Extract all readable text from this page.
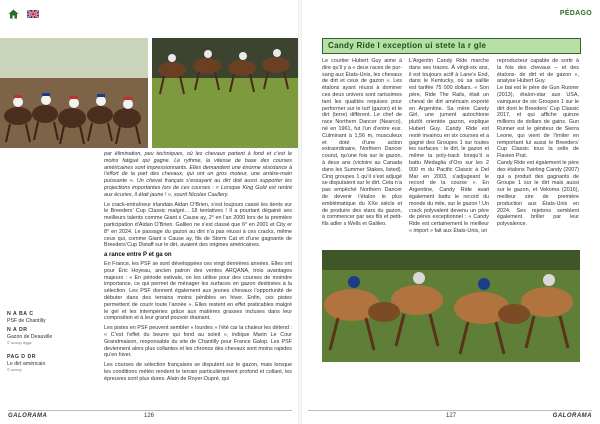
PÉDAGO
N A BA C
PSF de Chantilly
N A DR
Gazon de Deauville
© scoop dyga
PAG D DR
Le dirt américain
© scoop

par élimination, peu techniques, où les chevaux partent à fond et c’est le moins fatigué qui gagne. Le rythme, la vitesse de base des courses américaines sont impressionnants. Elles demandent une énorme résistance à l’effort de la part des chevaux, qui ont un gros moteur, une arrière-main puissante ». Un cheval français s’essayant au dirt doit aussi supporter les projections importantes lors de ces courses : « Lorsque King Gold est rentré aux écuries, il était jaune ! », sourit Nicolas Caullery.

Le crack-entraîneur irlandais Aidan O’Brien, s’est toujours cassé les dents sur le Breeders’ Cup Classic malgré... 18 tentatives ! Il a pourtant dégainé ses meilleurs talents comme Giant s Cause ay, 2° en l’an 2000 lors de la première participation d’Aidan O’Brien. Galileo ne s’est classé que 6° en 2001 et City er 8° en 2024. Le passage du gazon au dirt n’a pas réussi à ces cracks, même ceux qui, comme Giant s Cause ay, fils de Storm Cat et d’une gagnante de Breeders’Cup Distaff sur le dirt, avaient des origines américaines.

a rance entre P et ga on

En France, les PSF se sont développées ces vingt dernières années. Elles ont pour Éric Hoyeau, ancien patron des ventes ARQANA, trois avantages majeurs : « En période estivale, on les utilise pour des courses de moindre importance, ce qui permet de ménager les surfaces en gazon destinées à la sélection. Les PSF donnent également aux jeunes chevaux l’opportunité de débuter dans des terrains moins pénibles en hiver. Enfin, ces pistes permettent de courir toute l’année ». Elles restent en effet praticables malgré le gel et les intempéries grâce aux matières grasses incluses dans leur composition et à leur grand pouvoir drainant.

Les pistes en PSF peuvent sembler « lourdes » l’été car la chaleur les détend : « C’est l’effet du beurre qui fond au soleil », indique Marin Le Cour Grandmaison, responsable du site de Chantilly pour France Galop. Les PSF deviennent alors plus collantes et les chronos des chevaux sont moins rapides qu’en hiver.

Les courses de sélection françaises se disputent sur le gazon, mais lorsque les conditions météo rendent le terrain particulièrement profond et collant, les épreuves sont plus dures. Alain de Royer-Dupré, qui

Candy Ride l exception ui stete la r gle
Le courtier Hubert Guy aime à dire qu’il y a « deux races de pur-sang aux États-Unis, les chevaux de dirt et ceux de gazon ». Les étalons ayant réussi à dominer ces deux univers sont rarissimes tant les qualités requises pour performer sur le turf (gazon) et le dirt (terre) diffèrent. Le chef de race Northern Dancer (Nearco), né en 1961, fut l’un d’entre eux. Culminant à 1,56 m, musculeux et doté d’une action extraordinaire, Northern Dancer courut, qu’une fois sur le gazon, à deux ans (victoire au Canada dans les Summer Stakes, listed). Cinq groupes 1 qu’il s’est adjugé se disputaient sur le dirt. Cela n’a pas empêché Northern Dancer de devenir l’étalon le plus emblématique du XXe siècle et de produire des stars du gazon, à commencer par ses fils et petit-fils adler s Wells et Galileo.
L’Argentin Candy Ride marche dans ses traces. À vingt-six ans, il est toujours actif à Lane’s End, dans le Kentucky, où sa saillie est tarifée 75 000 dollars. « Son père, Ride The Rails, était un cheval de dirt américain exporté en Argentine. Sa mère Candy Girl, une jument autochtone plutôt orientée gazon, explique Hubert Guy. Candy Ride est resté invaincu en six courses et a gagné des Groupes 1 sur toutes les surfaces : le dirt, le gazon et même la poly-track lorsqu’il a battu Medaglia d’Oro sur les 2 000 m du Pacific Classic à Del Mar en 2003, s’adjugeant le record de la course ». En Argentine, Candy Ride avait également battu le record du monde du mile, sur le gazon ! Un crack polyvalent devenu un père de pères exceptionnel : « Candy Ride est certainement le meilleur « import » fait aux États-Unis, un
reproducteur capable de sortir à la fois des chevaux – et des étalons- de dirt et de gazon », analyse Hubert Guy.
Le bai est le père de Gun Runner (2013), étalon-star aux USA, vainqueur de six Groupes 1 sur le dirt dont le Breeders’ Cup Classic 2017, et qui affiche quinze millions de dollars de gains. Gun Runner est le géniteur de Sierra Leone, qui vient de l’imiter en remportant lui aussi le Breeders’ Cup Classic tous la selle de Flavien Prat.
Candy Ride est également le père des étalons Twirling Candy (2007) qui a produit des gagnants de Groupe 1 sur le dirt mais aussi sur le gazon, et Vekoma (2016), meilleur sire de première production aux États-Unis en 2024. Ses rejetons semblent également briller par leur polyvalence.
GALORAMA	126	127	GALORAMA
